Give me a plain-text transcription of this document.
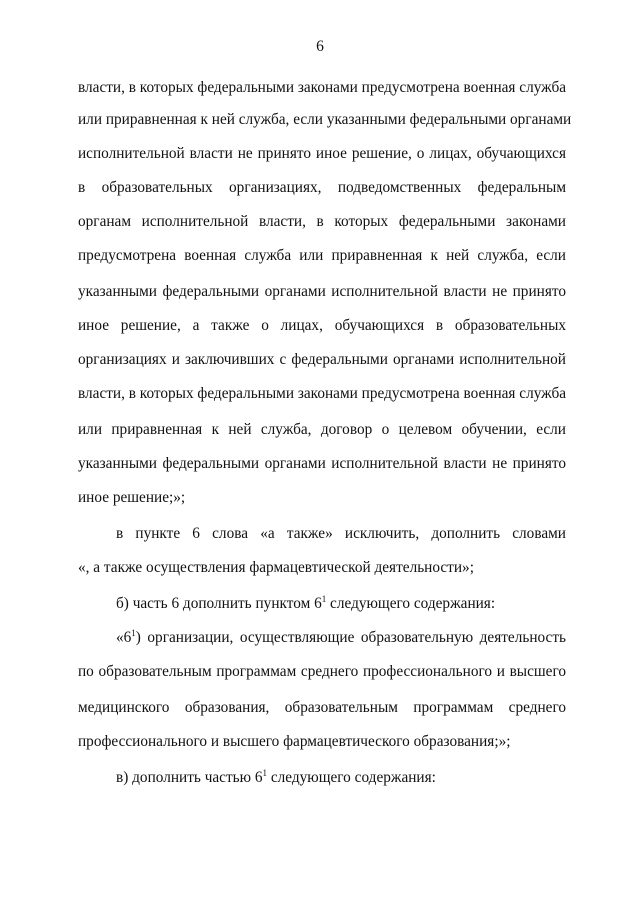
6
власти, в которых федеральными законами предусмотрена военная служба
или приравненная к ней служба, если указанными федеральными органами
исполнительной власти не принято иное решение, о лицах, обучающихся
в образовательных организациях, подведомственных федеральным
органам исполнительной власти, в которых федеральными законами
предусмотрена военная служба или приравненная к ней служба, если
указанными федеральными органами исполнительной власти не принято
иное решение, а также о лицах, обучающихся в образовательных
организациях и заключивших с федеральными органами исполнительной
власти, в которых федеральными законами предусмотрена военная служба
или приравненная к ней служба, договор о целевом обучении, если
указанными федеральными органами исполнительной власти не принято
иное решение;»;
в пункте 6 слова «а также» исключить, дополнить словами
«, а также осуществления фармацевтической деятельности»;
б) часть 6 дополнить пунктом $6^1$ следующего содержания:
«$6^1$) организации, осуществляющие образовательную деятельность
по образовательным программам среднего профессионального и высшего
медицинского образования, образовательным программам среднего
профессионального и высшего фармацевтического образования;»;
в) дополнить частью $6^1$ следующего содержания:
